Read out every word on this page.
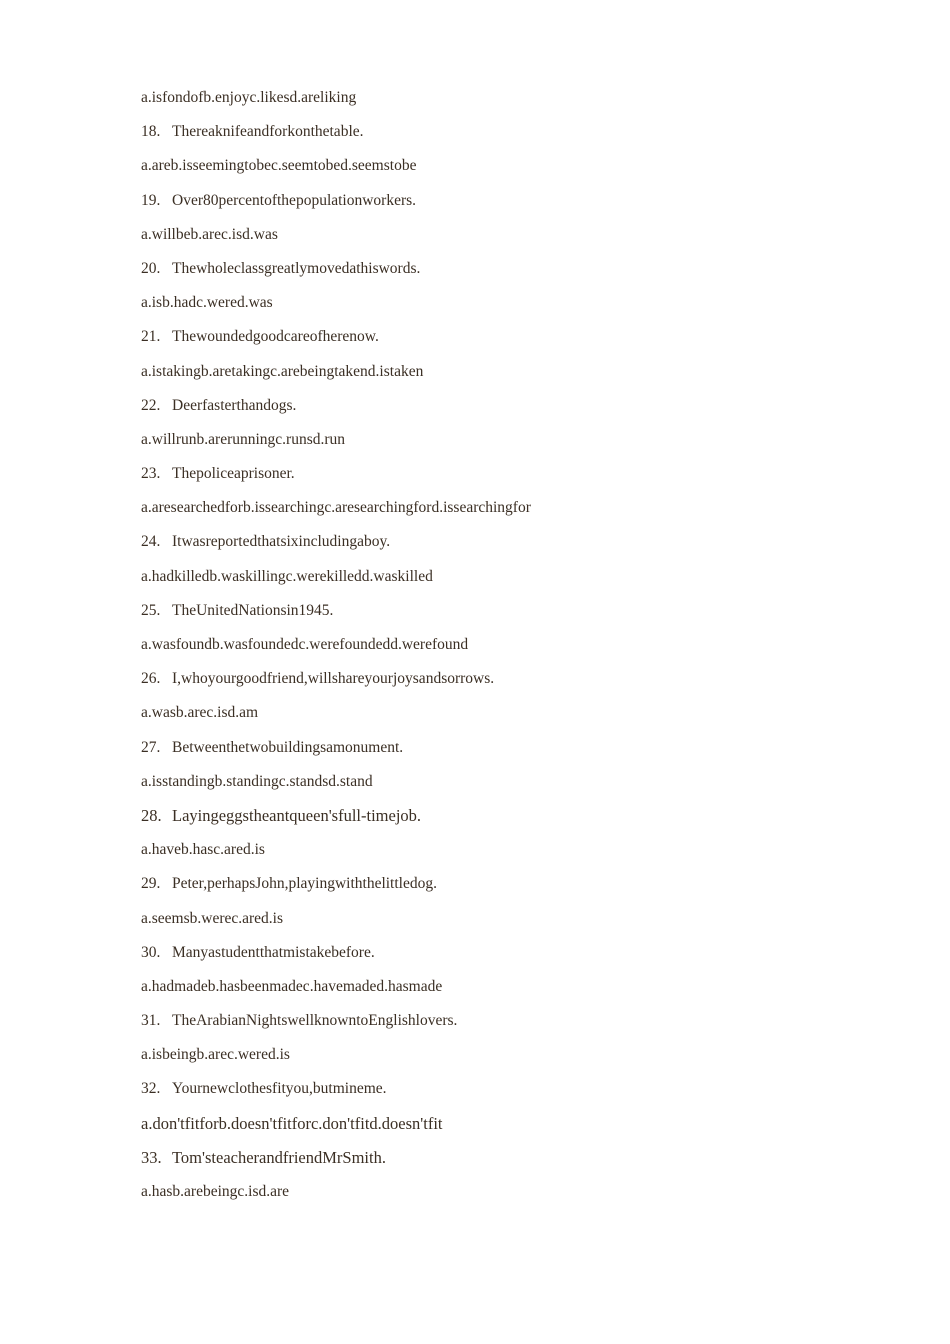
a.isfondofb.enjoyc.likesd.areliking
18. Thereaknifeandforkonthetable.
a.areb.isseemingtobec.seemtobed.seemstobe
19. Over80percentofthepopulationworkers.
a.willbeb.arec.isd.was
20. Thewholeclassgreatlymovedathiswords.
a.isb.hadc.wered.was
21. Thewoundedgoodcareofherenow.
a.istakingb.aretakingc.arebeingtakend.istaken
22. Deerfasterthandogs.
a.willrunb.arerunningc.runsd.run
23. Thepoliceaprisoner.
a.aresearchedforb.issearchingc.aresearchingford.issearchingfor
24. Itwasreportedthatsixincludingaboy.
a.hadkilledb.waskillingc.werekilledd.waskilled
25. TheUnitedNationsin1945.
a.wasfoundb.wasfoundedc.werefoundedd.werefound
26. I,whoyourgoodfriend,willshareyourjoysandsorrows.
a.wasb.arec.isd.am
27. Betweenthetwobuildingsamonument.
a.isstandingb.standingc.standsd.stand
28. Layingeggstheantqueen'sfull-timejob.
a.haveb.hasc.ared.is
29. Peter,perhapsJohn,playingwiththelittledog.
a.seemsb.werec.ared.is
30. Manyastudentthatmistakebefore.
a.hadmadeb.hasbeenmadec.havemaded.hasmade
31. TheArabianNightswellknowntoEnglishlovers.
a.isbeingb.arec.wered.is
32. Yournewclothesfityou,butmineme.
a.don'tfitforb.doesn'tfitforc.don'tfitd.doesn'tfit
33. Tom'steacherandfriendMrSmith.
a.hasb.arebeingc.isd.are
